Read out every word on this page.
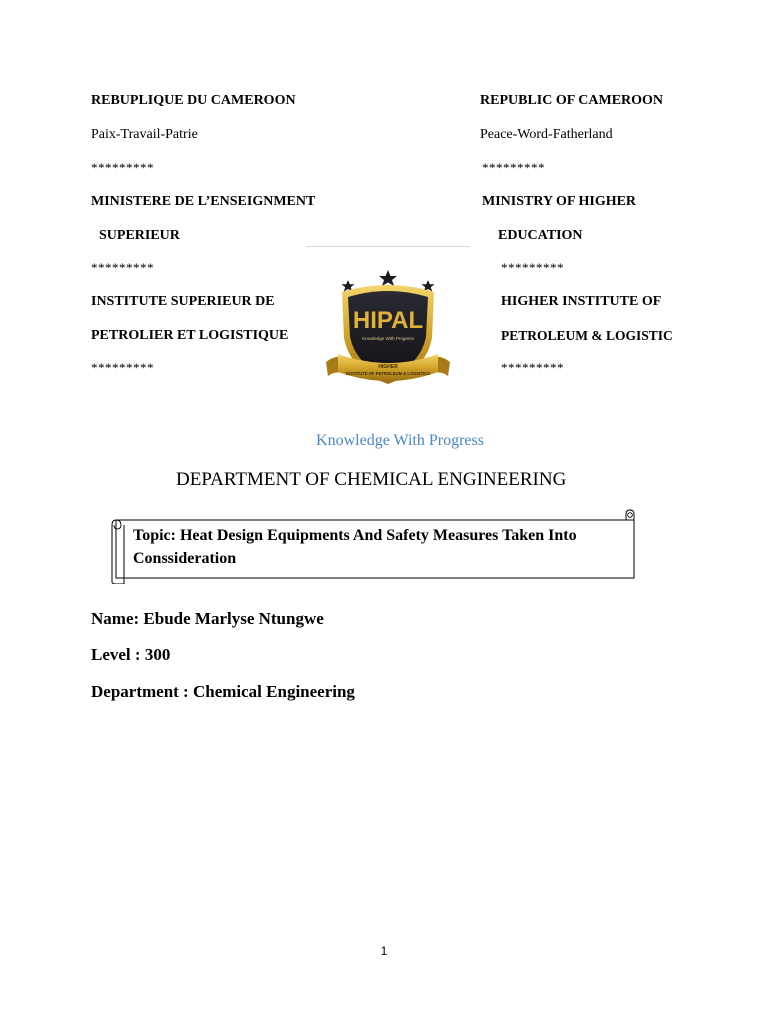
REBUPLIQUE DU CAMEROON
Paix-Travail-Patrie
*********
MINISTERE DE L’ENSEIGNMENT
SUPERIEUR
*********
INSTITUTE SUPERIEUR DE
PETROLIER ET LOGISTIQUE
*********
REPUBLIC OF CAMEROON
Peace-Word-Fatherland
*********
MINISTRY OF HIGHER
EDUCATION
*********
HIGHER INSTITUTE OF
PETROLEUM & LOGISTIC
*********
HIPAL
Knowledge With Progress
HIGHER
INSTITUTE OF PETROLEUM & LOGISTICS
Knowledge With Progress
DEPARTMENT OF CHEMICAL ENGINEERING
Topic: Heat Design Equipments And Safety Measures Taken Into Conssideration
Name: Ebude Marlyse Ntungwe
Level : 300
Department : Chemical Engineering
1
